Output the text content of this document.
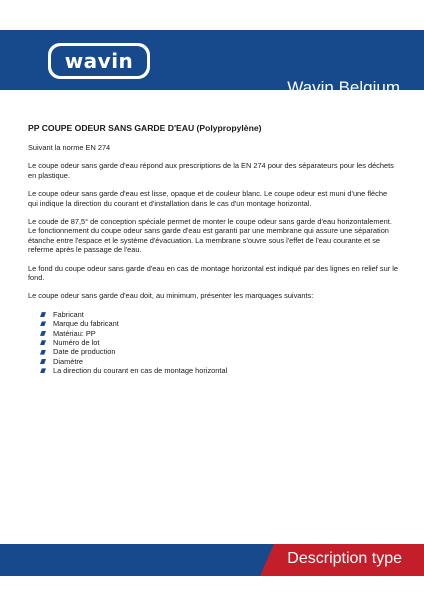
wavin
Wavin Belgium
PP COUPE ODEUR SANS GARDE D'EAU (Polypropylène)

Suivant la norme EN 274

Le coupe odeur sans garde d'eau répond aux prescriptions de la EN 274 pour des séparateurs pour les déchets en plastique.

Le coupe odeur sans garde d'eau est lisse, opaque et de couleur blanc. Le coupe odeur est muni d'une flèche qui indique la direction du courant et d'installation dans le cas d'un montage horizontal.

Le coude de 87,5° de conception spéciale permet de monter le coupe odeur sans garde d'eau horizontalement. Le fonctionnement du coupe odeur sans garde d'eau est garanti par une membrane qui assure une séparation étanche entre l'espace et le système d'évacuation. La membrane s'ouvre sous l'effet de l'eau courante et se referme après le passage de l'eau.

Le fond du coupe odeur sans garde d'eau en cas de montage horizontal est indiqué par des lignes en relief sur le fond.

Le coupe odeur sans garde d'eau doit, au minimum, présenter les marquages suivants:

Fabricant
Marque du fabricant
Matériau: PP
Numéro de lot
Date de production
Diamètre
La direction du courant en cas de montage horizontal
Description type
